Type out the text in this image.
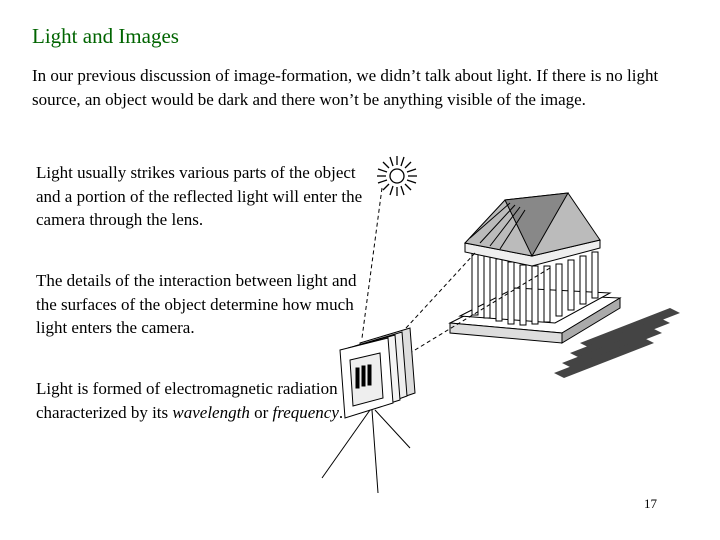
Light and Images
In our previous discussion of image-formation, we didn’t talk about light. If there is no light source, an object would be dark and there won’t be anything visible of the image.
Light usually strikes various parts of the object and a portion of the reflected light will enter the camera through the lens.
The details of the interaction between light and the surfaces of the object determine how much light enters the camera.
Light is formed of electromagnetic radiation characterized by its wavelength or frequency.
17
